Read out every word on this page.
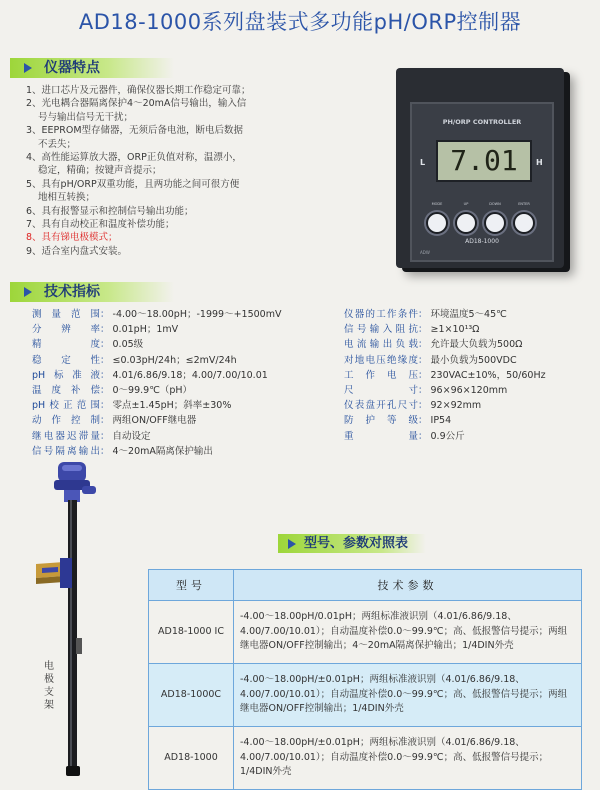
AD18-1000系列盘装式多功能pH/ORP控制器
仪器特点
1、进口芯片及元器件，确保仪器长期工作稳定可靠；
2、光电耦合器隔离保护4～20mA信号输出，输入信
号与输出信号无干扰；
3、EEPROM型存储器，无须后备电池，断电后数据
不丢失；
4、高性能运算放大器，ORP正负值对称，温漂小，
稳定，精确；按键声音提示；
5、具有pH/ORP双重功能，且两功能之间可很方便
地相互转换；
6、具有报警显示和控制信号输出功能；
7、具有自动校正和温度补偿功能；
8、具有锑电极模式；
9、适合室内盘式安装。
PH/ORP CONTROLLER
7.01
L	H
MODE	UP	DOWN	ENTER
AD18-1000
ADW
技术指标
测量范围 ： -4.00～18.00pH；-1999～+1500mV
分辨率 ： 0.01pH；1mV
精度 ： 0.05级
稳定性 ： ≤0.03pH/24h；≤2mV/24h
pH标准液 ： 4.01/6.86/9.18；4.00/7.00/10.01
温度补偿 ： 0～99.9℃（pH）
pH校正范围 ： 零点±1.45pH；斜率±30%
动作控制 ： 两组ON/OFF继电器
继电器迟滞量 ： 自动设定
信号隔离输出 ： 4～20mA隔离保护输出
仪器的工作条件 ： 环境温度5～45℃
信号输入阻抗 ： ≥1×10¹³Ω
电流输出负载 ： 允许最大负载为500Ω
对地电压绝缘度 ： 最小负载为500VDC
工作电压 ： 230VAC±10%，50/60Hz
尺寸 ： 96×96×120mm
仪表盘开孔尺寸 ： 92×92mm
防护等级 ： IP54
重量 ： 0.9公斤
电极支架
型号、参数对照表
型号	技术参数
AD18-1000 IC	-4.00～18.00pH/0.01pH；两组标准液识别（4.01/6.86/9.18、4.00/7.00/10.01）；自动温度补偿0.0～99.9℃；高、低报警信号提示；两组继电器ON/OFF控制输出；4～20mA隔离保护输出；1/4DIN外壳
AD18-1000C	-4.00～18.00pH/±0.01pH；两组标准液识别（4.01/6.86/9.18、4.00/7.00/10.01）；自动温度补偿0.0～99.9℃；高、低报警信号提示；两组继电器ON/OFF控制输出；1/4DIN外壳
AD18-1000	-4.00～18.00pH/±0.01pH；两组标准液识别（4.01/6.86/9.18、4.00/7.00/10.01）；自动温度补偿0.0～99.9℃；高、低报警信号提示；1/4DIN外壳
